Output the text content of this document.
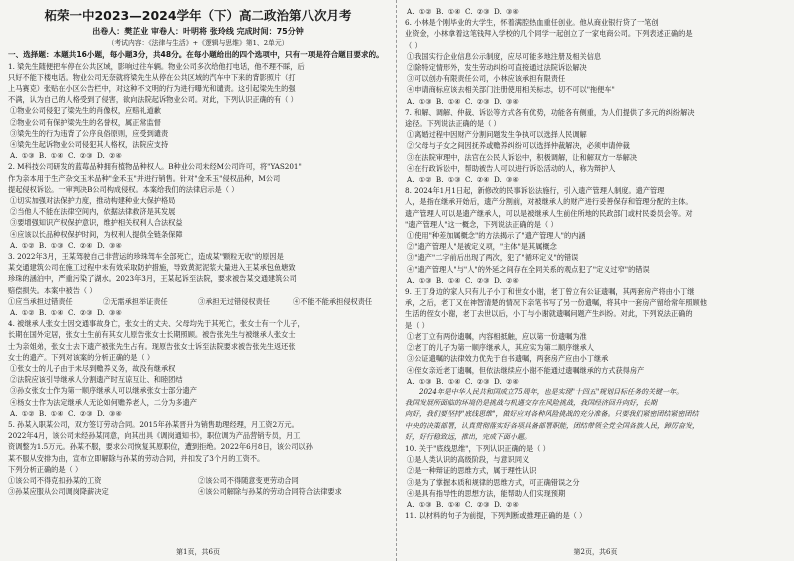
柘荣一中2023—2024学年（下）高二政治第八次月考
出卷人：樊芷业 审卷人：叶明将 张玲线 完成时间：75分钟
（考试内容：《法律与生活》+《逻辑与思维》第1、2单元）
一、选择题：本题共16小题，每小题3分，共48分。在每小题给出的四个选项中，只有一项是符合题目要求的。
1. 梁先生随便把车停在公共区域，影响过往车辆。物业公司多次给他打电话，他不理不睬，后
只好不能下楼电话。物业公司无奈就将梁先生从停在公共区域的汽车中下来的背影照片（打
上马赛克）张贴在小区公告栏中，对这种不文明的行为进行曝光和谴责。这引起梁先生的强
不满，认为自己的人格受到了侵害，欲向法院起诉物业公司。对此，下列认识正确的有（ ）
①物业公司侵犯了梁先生的肖像权，应赔礼道歉
②物业公司有保护梁先生的名誉权，属正常监督
③梁先生的行为违背了公序良俗原则，应受到谴责
④梁先生起诉物业公司侵犯其人格权，法院应支持
A. ①③ B. ①④ C. ②③ D. ②④
2. M科技公司研发的蓝莓品种拥有植物品种权人。B种业公司未经M公司许可，将"YAS201"
作为亲本用于生产杂交玉米品种"金禾玉"并进行销售。针对"金禾玉"侵权品种，M公司
提起侵权诉讼。一审判决B公司构成侵权。本案给我们的法律启示是（ ）
①切实加强对法保护力度，推动构建种业大保护格局
②当他人不能在法律空间内，依据法律救济是其发展
③要增强知识产权保护意识，维护相关权利人合法权益
④应该以长品种权保护时间，为权利人提供全链条保障
A. ①② B. ①③ C. ②④ D. ③④
3. 2022年3月，王某驾驶自己非营运的珍珠驾车全部死亡，造成某"颗粒无收"的原因是
某交通建筑公司在施工过程中未有效采取防护措施，导致黄泥泥浆大量进入王某承包鱼塘致
珍珠的涵泊中，严重污染了湖水。2023年3月，王某起诉至法院，要求被告某交通建筑公司
赔偿损失。本案中被告（ ）
①应当承担过错责任	②无需承担举证责任	③承担无过错侵权责任	④不能不能承担侵权责任
A. ①② B. ①④ C. ②③ D. ③④
4. 被继承人张女士因交通事故身亡，张女士的丈夫、父母均先于其死亡，张女士有一个儿子，
长期在国外定居，张女士生前有其女儿原告张女士长期照顾。被告张先生与被继承人张女士
士为亲姐弟，张女士去下遗产被张先生占有。现原告张女士诉至法院要求被告张先生返还张
女士的遗产。下列对该案的分析正确的是（ ）
①张女士的儿子由于未尽到赡养义务，故没有继承权
②法院应该引导继承人分割遗产时互谅互让、和睦团结
③孙女张女士作为第一顺序继承人可以继承张女士部分遗产
④杨女士作为法定继承人无论如何赡养老人，二分为多遗产
A. ①② B. ①④ C. ②③ D. ③④
5. 孙某入职某公司，双方签订劳动合同。2015年孙某晋升为销售助理经理，月工资2万元。
2022年4月，该公司未经孙某同意，向其出具《调岗通知书》，职位调为产品营销专员，月工
资调整为1.5万元。孙某不服，要求公司恢复其原职位，遭到拒绝。2022年6月8日，该公司以孙
某不服从安排为由，宣布立即解除与孙某的劳动合同，并扣发了3个月的工资不。
下列分析正确的是（ ）
①该公司不得克扣孙某的工资	②该公司不得随意变更劳动合同
③孙某应服从公司调岗降薪决定	④该公司解除与孙某的劳动合同符合法律要求
第1页，共6页
A. ①② B. ①④ C. ②③ D. ③④
6. 小林是个刚毕业的大学生，怀着满腔热血重任创业。他从商业银行贷了一笔创
业资金，小林拿着这笔钱拜入学校的几个同学一起创立了一家电商公司。下列表述正确的是
（ ）
①我国实行企业信息公示制度，应尽可能多地注册及相关信息
②除特定情形外，发生劳动纠纷可直接通过法院诉讼解决
③可以创办有限责任公司，小林应该承担有限责任
④申请商标应该去相关部门注册使用相关标志，切不可以"拖便车"
A. ①③ B. ①④ C. ②③ D. ③④
7. 和解、调解、仲裁、诉讼等方式各有优势，功能各有侧重，为人们提供了多元的纠纷解决
途径。下列说法正确的是（ ）
①离婚过程中因财产分割问题发生争执可以选择人民调解
②父母与子女之间因抚养或赡养纠纷可以选择仲裁解决，必须申请仲裁
③在法院审理中，法官在公民人诉讼中，积极调解，让和解双方一举解决
④在行政诉讼中，帮助被告人可以进行诉讼活动的人，称为辩护人
A. ①② B. ①③ C. ②④ D. ③④
8. 2024年1月1日起，新修改的民事诉讼法施行，引入遗产管理人制度。遗产管理
人，是指在继承开始后，遗产分割前，对被继承人的财产进行妥善保存和管理分配的主体。
遗产管理人可以是遗产继承人，可以是被继承人生前住所地的民政部门或村民委员会等。对
"遗产管理人"这一概念，下列说法正确的是（ ）
①使用"种差加属概念"的方法揭示了"遗产管理人"的内涵
②"遗产管理人"是被定义项，"主体"是其属概念
③"遗产"二字前后出现了两次，犯了"循环定义"的错误
④"遗产管理人"与"人"的外延之间存在全同关系的观点犯了"定义过窄"的错误
A. ①③ B. ①④ C. ②③ D. ②④
9. 王丁身边的家人只有儿子小丁和世女小谢，老丁曾立有公证遗嘱，其两套房产将由小丁继
承，之后，老丁又在神智清楚的情况下亲笔书写了另一份遗嘱，将其中一套房产留给常年照顾他
生活的侄女小谢，老丁去世以后，小丁与小谢就遗嘱问题产生纠纷。对此，下列说法正确的
是（ ）
①老丁立有两份遗嘱，内容相抵触，应以第一份遗嘱为准
②老丁的儿子为第一顺序继承人，其应实为第二顺序继承人
③公证遗嘱的法律效力优先于自书遗嘱，两套房产应由小丁继承
④侄女亲近老丁遗嘱，但依法继续应小谢不能通过遗嘱继承的方式获得房产
A. ①③ B. ①④ C. ②③ D. ②④
2024年是中华人民共和国成立75周年，也是实现"十四五"规划目标任务的关键一年。
我国发展所面临的环境仍是挑战与机遇交存在风险挑战，我国经济回升向好，长期
向好，我们要坚持"底线思维"，做好应对各种风险挑战的充分准备。只要我们紧密团结紧密团结
中央的决策部署，认真贯彻落实好各项具备部署职能，团结带领全党全国各族人民，踔厉奋发，
好，好行稳致远，推出，完成下面小题。
10. 关于"底线思维"，下列认识正确的是（ ）
①是人类认识的高级阶段，与意识同义
②是一种辩证的思维方式，属于理性认识
③是为了掌握本质和规律的思维方式，可正确错误之分
④是具有指导性的思想方法，能帮助人们实现预期
A. ①③ B. ①④ C. ②③ D. ②④
11. 以材料的句子为前提，下列判断或推理正确的是（ ）
第2页，共6页
